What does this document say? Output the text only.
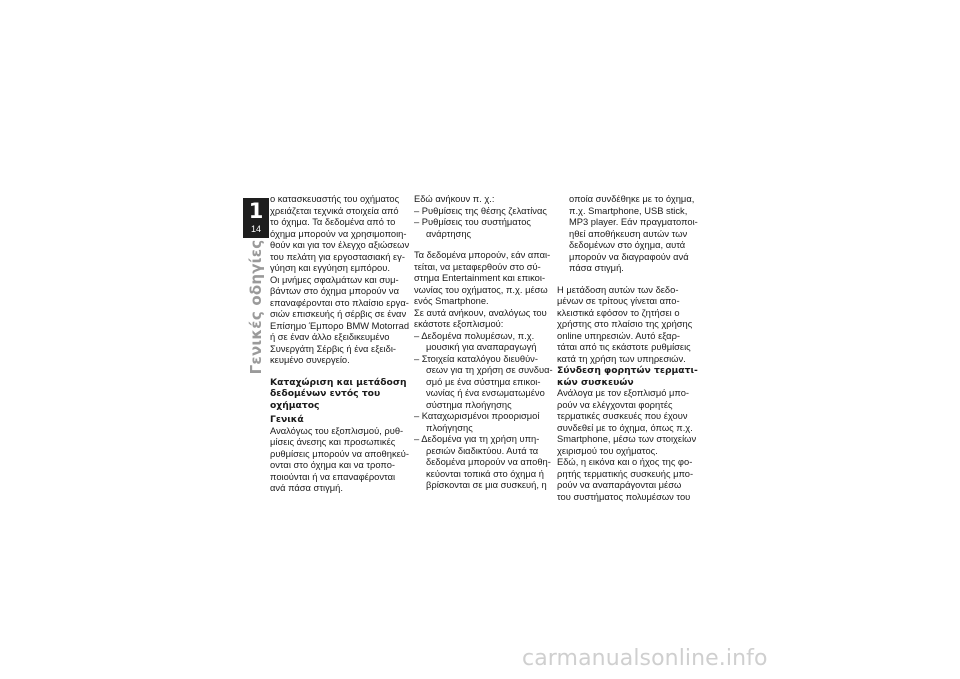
1
14
Γενικές οδηγίες

ο κατασκευαστής του οχήματος

χρειάζεται τεχνικά στοιχεία από

το όχημα. Τα δεδομένα από το

όχημα μπορούν να χρησιμοποιη-

θούν και για τον έλεγχο αξιώσεων

του πελάτη για εργοστασιακή εγ-

γύηση και εγγύηση εμπόρου.

Οι μνήμες σφαλμάτων και συμ-

βάντων στο όχημα μπορούν να

επαναφέρονται στο πλαίσιο εργα-

σιών επισκευής ή σέρβις σε έναν

Επίσημο Έμπορο BMW Motorrad

ή σε έναν άλλο εξειδικευμένο

Συνεργάτη Σέρβις ή ένα εξειδι-

κευμένο συνεργείο.

Καταχώριση και μετάδοση

δεδομένων εντός του

οχήματος

Γενικά

Αναλόγως του εξοπλισμού, ρυθ-

μίσεις άνεσης και προσωπικές

ρυθμίσεις μπορούν να αποθηκεύ-

ονται στο όχημα και να τροπο-

ποιούνται ή να επαναφέρονται

ανά πάσα στιγμή.

Εδώ ανήκουν π. χ.:

– Ρυθμίσεις της θέσης ζελατίνας

– Ρυθμίσεις του συστήματος

ανάρτησης

Τα δεδομένα μπορούν, εάν απαι-

τείται, να μεταφερθούν στο σύ-

στημα Entertainment και επικοι-

νωνίας του οχήματος, π.χ. μέσω

ενός Smartphone.

Σε αυτά ανήκουν, αναλόγως του

εκάστοτε εξοπλισμού:

– Δεδομένα πολυμέσων, π.χ.

μουσική για αναπαραγωγή

– Στοιχεία καταλόγου διευθύν-

σεων για τη χρήση σε συνδυα-

σμό με ένα σύστημα επικοι-

νωνίας ή ένα ενσωματωμένο

σύστημα πλοήγησης

– Καταχωρισμένοι προορισμοί

πλοήγησης

– Δεδομένα για τη χρήση υπη-

ρεσιών διαδικτύου. Αυτά τα

δεδομένα μπορούν να αποθη-

κεύονται τοπικά στο όχημα ή

βρίσκονται σε μια συσκευή, η

οποία συνδέθηκε με το όχημα,

π.χ. Smartphone, USB stick,

MP3 player. Εάν πραγματοποι-

ηθεί αποθήκευση αυτών των

δεδομένων στο όχημα, αυτά

μπορούν να διαγραφούν ανά

πάσα στιγμή.

Η μετάδοση αυτών των δεδο-

μένων σε τρίτους γίνεται απο-

κλειστικά εφόσον το ζητήσει ο

χρήστης στο πλαίσιο της χρήσης

online υπηρεσιών. Αυτό εξαρ-

τάται από τις εκάστοτε ρυθμίσεις

κατά τη χρήση των υπηρεσιών.

Σύνδεση φορητών τερματι-

κών συσκευών

Ανάλογα με τον εξοπλισμό μπο-

ρούν να ελέγχονται φορητές

τερματικές συσκευές που έχουν

συνδεθεί με το όχημα, όπως π.χ.

Smartphone, μέσω των στοιχείων

χειρισμού του οχήματος.

Εδώ, η εικόνα και ο ήχος της φο-

ρητής τερματικής συσκευής μπο-

ρούν να αναπαράγονται μέσω

του συστήματος πολυμέσων του

carmanualsonline.info
